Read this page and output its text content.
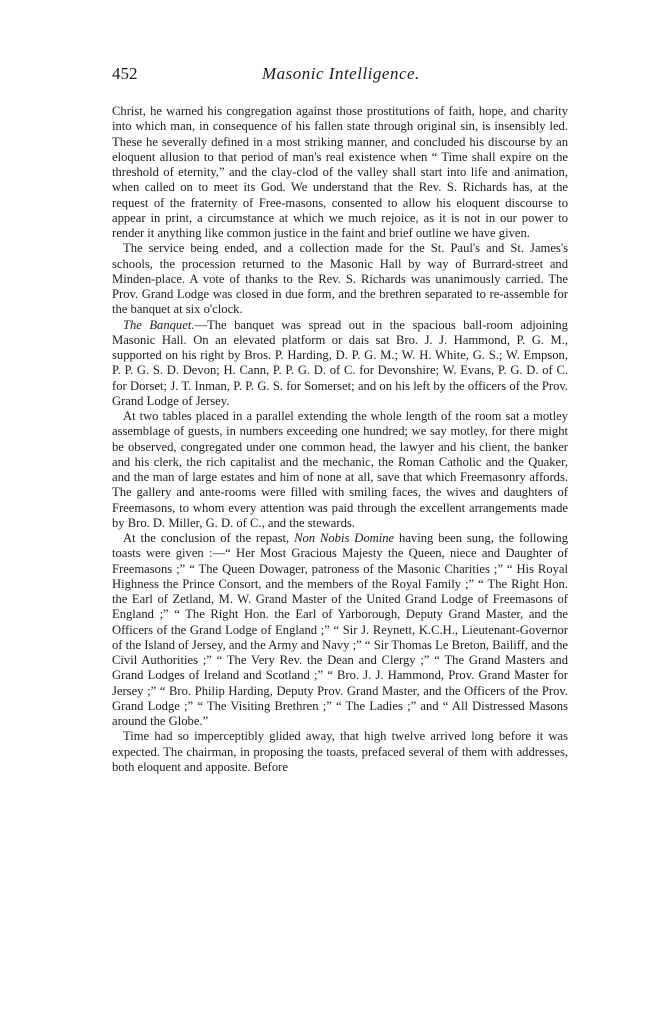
452	Masonic Intelligence.

Christ, he warned his congregation against those prostitutions of faith, hope, and charity into which man, in consequence of his fallen state through original sin, is insensibly led. These he severally defined in a most striking manner, and concluded his discourse by an eloquent allusion to that period of man's real existence when “ Time shall expire on the threshold of eternity,” and the clay-clod of the valley shall start into life and animation, when called on to meet its God. We understand that the Rev. S. Richards has, at the request of the fraternity of Free-masons, consented to allow his eloquent discourse to appear in print, a circumstance at which we much rejoice, as it is not in our power to render it anything like common justice in the faint and brief outline we have given.

The service being ended, and a collection made for the St. Paul's and St. James's schools, the procession returned to the Masonic Hall by way of Burrard-street and Minden-place. A vote of thanks to the Rev. S. Richards was unanimously carried. The Prov. Grand Lodge was closed in due form, and the brethren separated to re-assemble for the banquet at six o'clock.

The Banquet.—The banquet was spread out in the spacious ball-room adjoining Masonic Hall. On an elevated platform or dais sat Bro. J. J. Hammond, P. G. M., supported on his right by Bros. P. Harding, D. P. G. M.; W. H. White, G. S.; W. Empson, P. P. G. S. D. Devon; H. Cann, P. P. G. D. of C. for Devonshire; W. Evans, P. G. D. of C. for Dorset; J. T. Inman, P. P. G. S. for Somerset; and on his left by the officers of the Prov. Grand Lodge of Jersey.

At two tables placed in a parallel extending the whole length of the room sat a motley assemblage of guests, in numbers exceeding one hundred; we say motley, for there might be observed, congregated under one common head, the lawyer and his client, the banker and his clerk, the rich capitalist and the mechanic, the Roman Catholic and the Quaker, and the man of large estates and him of none at all, save that which Freemasonry affords. The gallery and ante-rooms were filled with smiling faces, the wives and daughters of Freemasons, to whom every attention was paid through the excellent arrangements made by Bro. D. Miller, G. D. of C., and the stewards.

At the conclusion of the repast, Non Nobis Domine having been sung, the following toasts were given :—“ Her Most Gracious Majesty the Queen, niece and Daughter of Freemasons ;” “ The Queen Dowager, patroness of the Masonic Charities ;” “ His Royal Highness the Prince Consort, and the members of the Royal Family ;” “ The Right Hon. the Earl of Zetland, M. W. Grand Master of the United Grand Lodge of Freemasons of England ;” “ The Right Hon. the Earl of Yarborough, Deputy Grand Master, and the Officers of the Grand Lodge of England ;” “ Sir J. Reynett, K.C.H., Lieutenant-Governor of the Island of Jersey, and the Army and Navy ;” “ Sir Thomas Le Breton, Bailiff, and the Civil Authorities ;” “ The Very Rev. the Dean and Clergy ;” “ The Grand Masters and Grand Lodges of Ireland and Scotland ;” “ Bro. J. J. Hammond, Prov. Grand Master for Jersey ;” “ Bro. Philip Harding, Deputy Prov. Grand Master, and the Officers of the Prov. Grand Lodge ;” “ The Visiting Brethren ;” “ The Ladies ;” and “ All Distressed Masons around the Globe.”

Time had so imperceptibly glided away, that high twelve arrived long before it was expected. The chairman, in proposing the toasts, prefaced several of them with addresses, both eloquent and apposite. Before
